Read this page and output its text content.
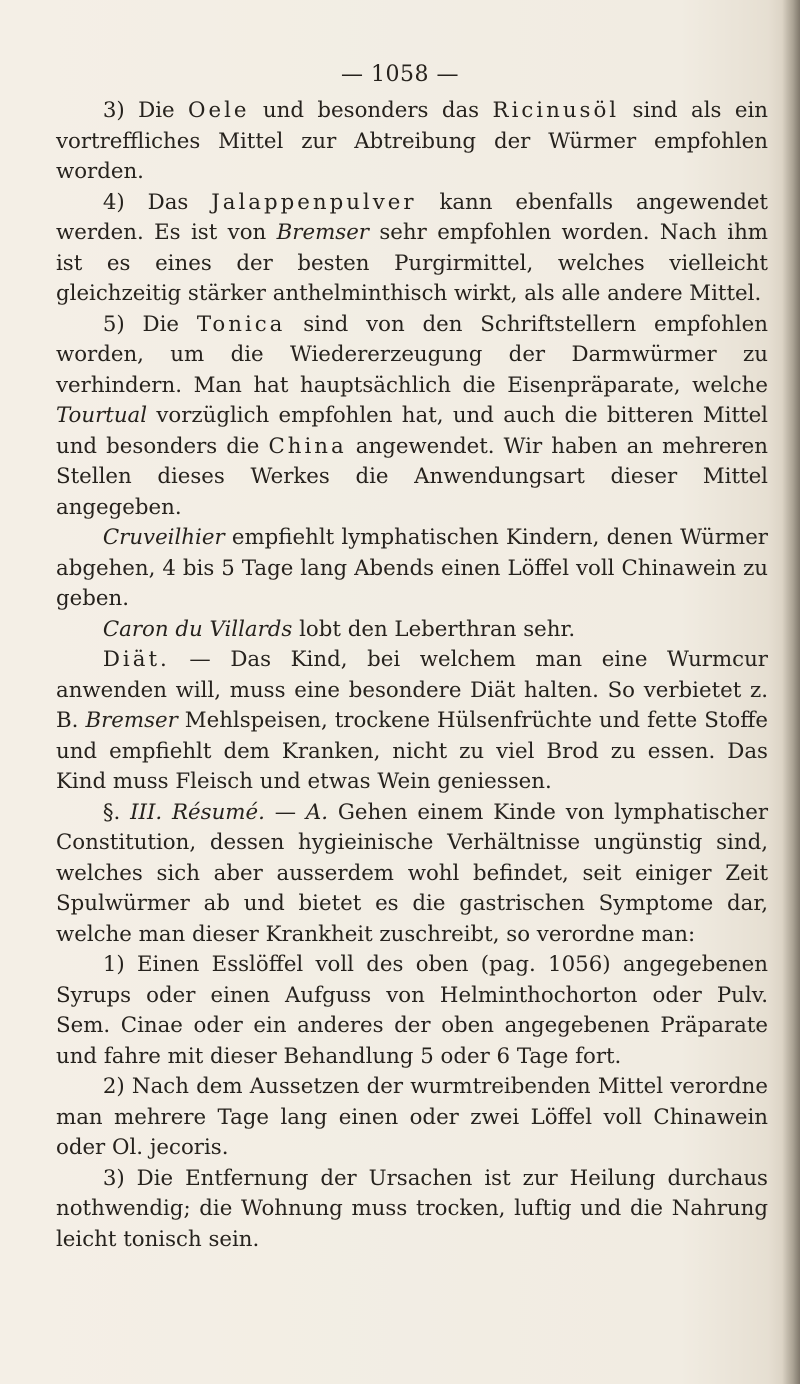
— 1058 —

3) Die Oele und besonders das Ricinusöl sind als ein vortreffliches Mittel zur Abtreibung der Würmer empfohlen worden.

4) Das Jalappenpulver kann ebenfalls angewendet werden. Es ist von Bremser sehr empfohlen worden. Nach ihm ist es eines der besten Purgirmittel, welches vielleicht gleichzeitig stärker anthelminthisch wirkt, als alle andere Mittel.

5) Die Tonica sind von den Schriftstellern empfohlen worden, um die Wiedererzeugung der Darmwürmer zu verhindern. Man hat hauptsächlich die Eisenpräparate, welche Tourtual vorzüglich empfohlen hat, und auch die bitteren Mittel und besonders die China angewendet. Wir haben an mehreren Stellen dieses Werkes die Anwendungsart dieser Mittel angegeben.

Cruveilhier empfiehlt lymphatischen Kindern, denen Würmer abgehen, 4 bis 5 Tage lang Abends einen Löffel voll Chinawein zu geben.

Caron du Villards lobt den Leberthran sehr.

Diät. — Das Kind, bei welchem man eine Wurmcur anwenden will, muss eine besondere Diät halten. So verbietet z. B. Bremser Mehlspeisen, trockene Hülsenfrüchte und fette Stoffe und empfiehlt dem Kranken, nicht zu viel Brod zu essen. Das Kind muss Fleisch und etwas Wein geniessen.

§. III. Résumé. — A. Gehen einem Kinde von lymphatischer Constitution, dessen hygieinische Verhältnisse ungünstig sind, welches sich aber ausserdem wohl befindet, seit einiger Zeit Spulwürmer ab und bietet es die gastrischen Symptome dar, welche man dieser Krankheit zuschreibt, so verordne man:

1) Einen Esslöffel voll des oben (pag. 1056) angegebenen Syrups oder einen Aufguss von Helminthochorton oder Pulv. Sem. Cinae oder ein anderes der oben angegebenen Präparate und fahre mit dieser Behandlung 5 oder 6 Tage fort.

2) Nach dem Aussetzen der wurmtreibenden Mittel verordne man mehrere Tage lang einen oder zwei Löffel voll Chinawein oder Ol. jecoris.

3) Die Entfernung der Ursachen ist zur Heilung durchaus nothwendig; die Wohnung muss trocken, luftig und die Nahrung leicht tonisch sein.
